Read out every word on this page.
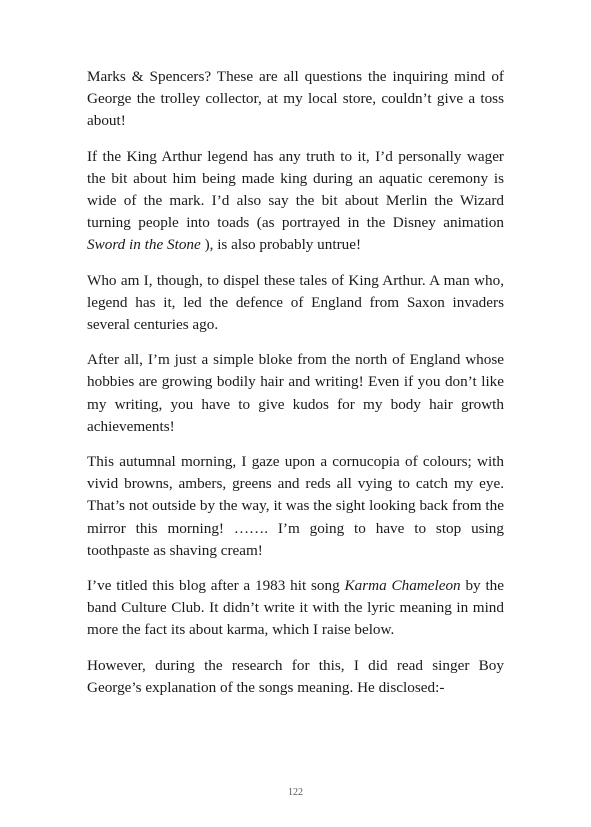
Marks & Spencers? These are all questions the inquiring mind of George the trolley collector, at my local store, couldn’t give a toss about!

If the King Arthur legend has any truth to it, I’d personally wager the bit about him being made king during an aquatic ceremony is wide of the mark. I’d also say the bit about Merlin the Wizard turning people into toads (as portrayed in the Disney animation Sword in the Stone ), is also probably untrue!

Who am I, though, to dispel these tales of King Arthur. A man who, legend has it, led the defence of England from Saxon invaders several centuries ago.

After all, I’m just a simple bloke from the north of England whose hobbies are growing bodily hair and writing! Even if you don’t like my writing, you have to give kudos for my body hair growth achievements!

This autumnal morning, I gaze upon a cornucopia of colours; with vivid browns, ambers, greens and reds all vying to catch my eye. That’s not outside by the way, it was the sight looking back from the mirror this morning! ……. I’m going to have to stop using toothpaste as shaving cream!

I’ve titled this blog after a 1983 hit song Karma Chameleon by the band Culture Club. It didn’t write it with the lyric meaning in mind more the fact its about karma, which I raise below.

However, during the research for this, I did read singer Boy George’s explanation of the songs meaning. He disclosed:-

122
